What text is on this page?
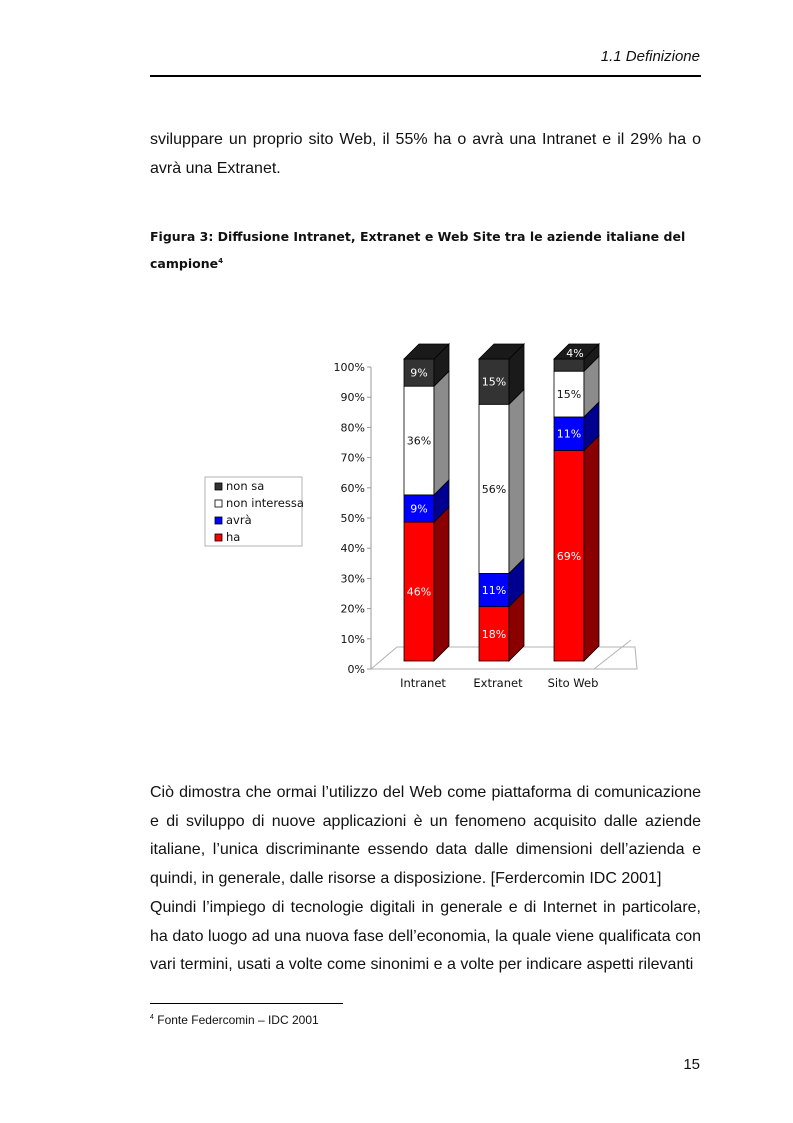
1.1 Definizione

sviluppare un proprio sito Web, il 55% ha o avrà una Intranet e il 29% ha o avrà una Extranet.

Figura 3: Diffusione Intranet, Extranet e Web Site tra le aziende italiane del campione$^4$
0%
10%
20%
30%
40%
50%
60%
70%
80%
90%
100%
46%
9%
36%
9%
Intranet
18%
11%
56%
15%
Extranet
69%
11%
15%
4%
Sito Web
non sa
non interessa
avrà
ha

Ciò dimostra che ormai l’utilizzo del Web come piattaforma di comunicazione e di sviluppo di nuove applicazioni è un fenomeno acquisito dalle aziende italiane, l’unica discriminante essendo data dalle dimensioni dell’azienda e quindi, in generale, dalle risorse a disposizione. [Ferdercomin IDC 2001]

Quindi l’impiego di tecnologie digitali in generale e di Internet in particolare, ha dato luogo ad una nuova fase dell’economia, la quale viene qualificata con vari termini, usati a volte come sinonimi e a volte per indicare aspetti rilevanti

$^4$ Fonte Federcomin – IDC 2001
15
